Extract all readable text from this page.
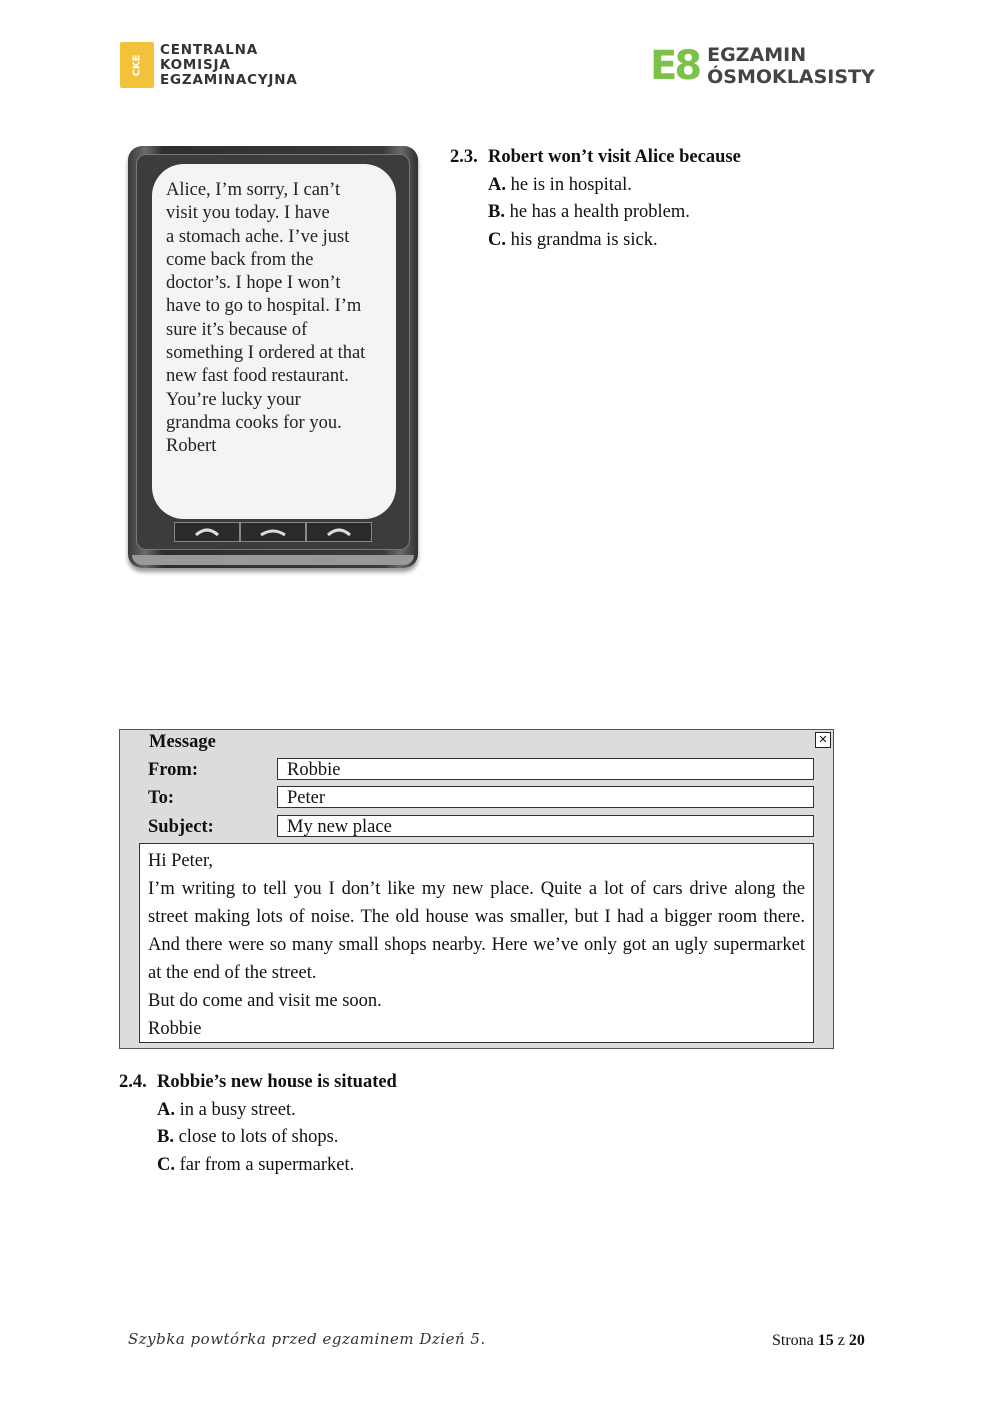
CKE
CENTRALNA
KOMISJA
EGZAMINACYJNA	E8 EGZAMIN
ÓSMOKLASISTY
Alice, I’m sorry, I can’t
visit you today. I have
a stomach ache. I’ve just
come back from the
doctor’s. I hope I won’t
have to go to hospital. I’m
sure it’s because of
something I ordered at that
new fast food restaurant.
You’re lucky your
grandma cooks for you.
Robert
2.3. Robert won’t visit Alice because
A. he is in hospital.
B. he has a health problem.
C. his grandma is sick.
Message	✕
From:	Robbie
To:	Peter
Subject:	My new place
Hi Peter,
I’m writing to tell you I don’t like my new place. Quite a lot of cars drive along the street making lots of noise. The old house was smaller, but I had a bigger room there. And there were so many small shops nearby. Here we’ve only got an ugly supermarket at the end of the street.
But do come and visit me soon.
Robbie
2.4. Robbie’s new house is situated
A. in a busy street.
B. close to lots of shops.
C. far from a supermarket.
Szybka powtórka przed egzaminem Dzień 5.	Strona 15 z 20
